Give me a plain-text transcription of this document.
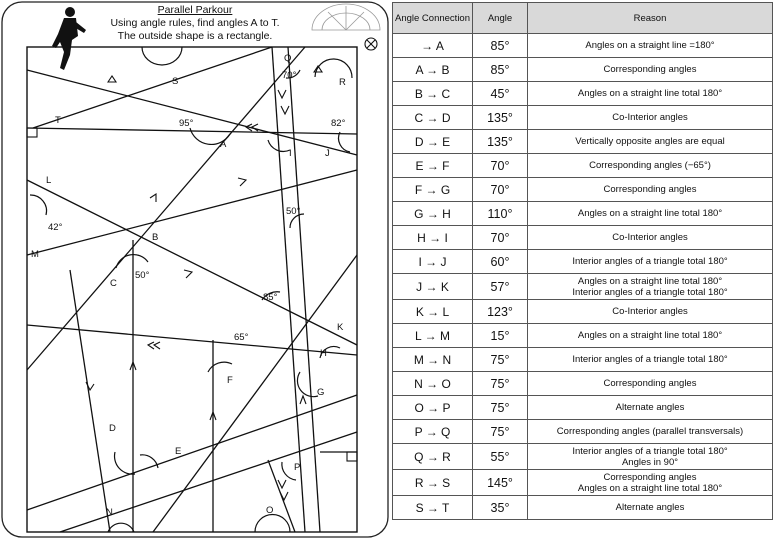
Q
R
S
T
A
I	J
L
B
M
C
K
H
G
F
D
E
P
N	O
70°
95°	82°
50°
42°
50°
85°
65°
Parallel Parkour
Using angle rules, find angles A to T.
The outside shape is a rectangle.
Angle Connection	Angle	Reason
→ A	85°	Angles on a straight line =180°

A → B	85°	Corresponding angles

B → C	45°	Angles on a straight line total 180°

C → D	135°	Co-Interior angles

D → E	135°	Vertically opposite angles are equal

E → F	70°	Corresponding angles (−65°)

F → G	70°	Corresponding angles

G → H	110°	Angles on a straight line total 180°

H → I	70°	Co-Interior angles

I → J	60°	Interior angles of a triangle total 180°

J → K	57°	Angles on a straight line total 180°
Interior angles of a triangle total 180°

K → L	123°	Co-Interior angles

L → M	15°	Angles on a straight line total 180°

M → N	75°	Interior angles of a triangle total 180°

N → O	75°	Corresponding angles

O → P	75°	Alternate angles

P → Q	75°	Corresponding angles (parallel transversals)

Q → R	55°	Interior angles of a triangle total 180°
Angles in 90°

R → S	145°	Corresponding angles
Angles on a straight line total 180°

S → T	35°	Alternate angles
